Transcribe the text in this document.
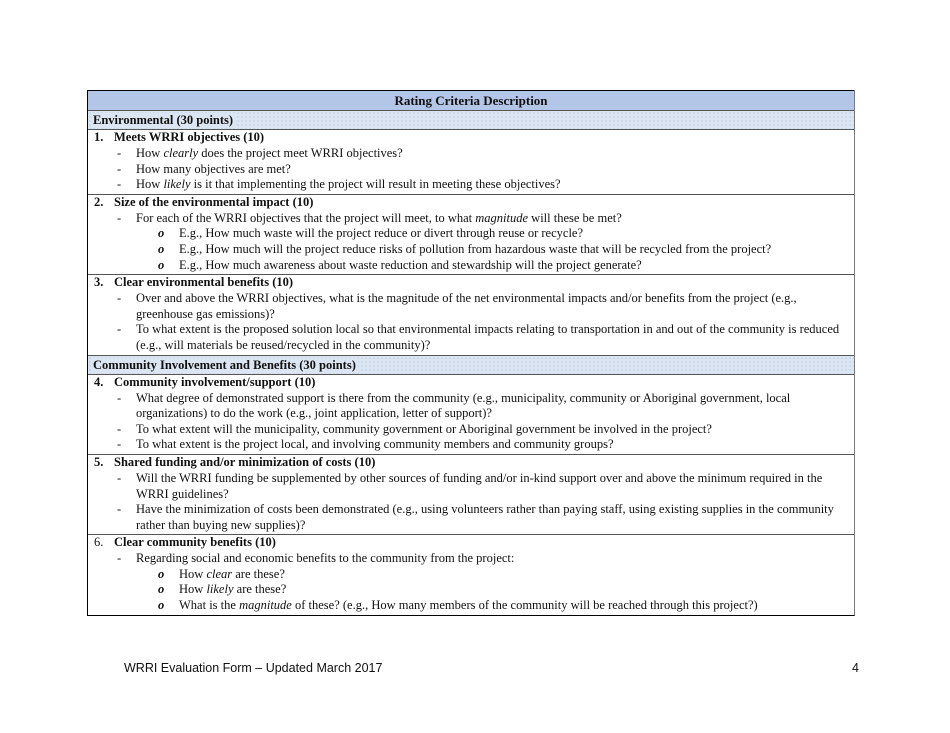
Rating Criteria Description
Environmental (30 points)
1. Meets WRRI objectives (10)
- How clearly does the project meet WRRI objectives?
- How many objectives are met?
- How likely is it that implementing the project will result in meeting these objectives?
2. Size of the environmental impact (10)
- For each of the WRRI objectives that the project will meet, to what magnitude will these be met?
o E.g., How much waste will the project reduce or divert through reuse or recycle?
o E.g., How much will the project reduce risks of pollution from hazardous waste that will be recycled from the project?
o E.g., How much awareness about waste reduction and stewardship will the project generate?
3. Clear environmental benefits (10)
- Over and above the WRRI objectives, what is the magnitude of the net environmental impacts and/or benefits from the project (e.g., greenhouse gas emissions)?
- To what extent is the proposed solution local so that environmental impacts relating to transportation in and out of the community is reduced (e.g., will materials be reused/recycled in the community)?
Community Involvement and Benefits (30 points)
4. Community involvement/support (10)
- What degree of demonstrated support is there from the community (e.g., municipality, community or Aboriginal government, local organizations) to do the work (e.g., joint application, letter of support)?
- To what extent will the municipality, community government or Aboriginal government be involved in the project?
- To what extent is the project local, and involving community members and community groups?
5. Shared funding and/or minimization of costs (10)
- Will the WRRI funding be supplemented by other sources of funding and/or in-kind support over and above the minimum required in the WRRI guidelines?
- Have the minimization of costs been demonstrated (e.g., using volunteers rather than paying staff, using existing supplies in the community rather than buying new supplies)?
6. Clear community benefits (10)
- Regarding social and economic benefits to the community from the project:
o How clear are these?
o How likely are these?
o What is the magnitude of these? (e.g., How many members of the community will be reached through this project?)
WRRI Evaluation Form – Updated March 2017	4
